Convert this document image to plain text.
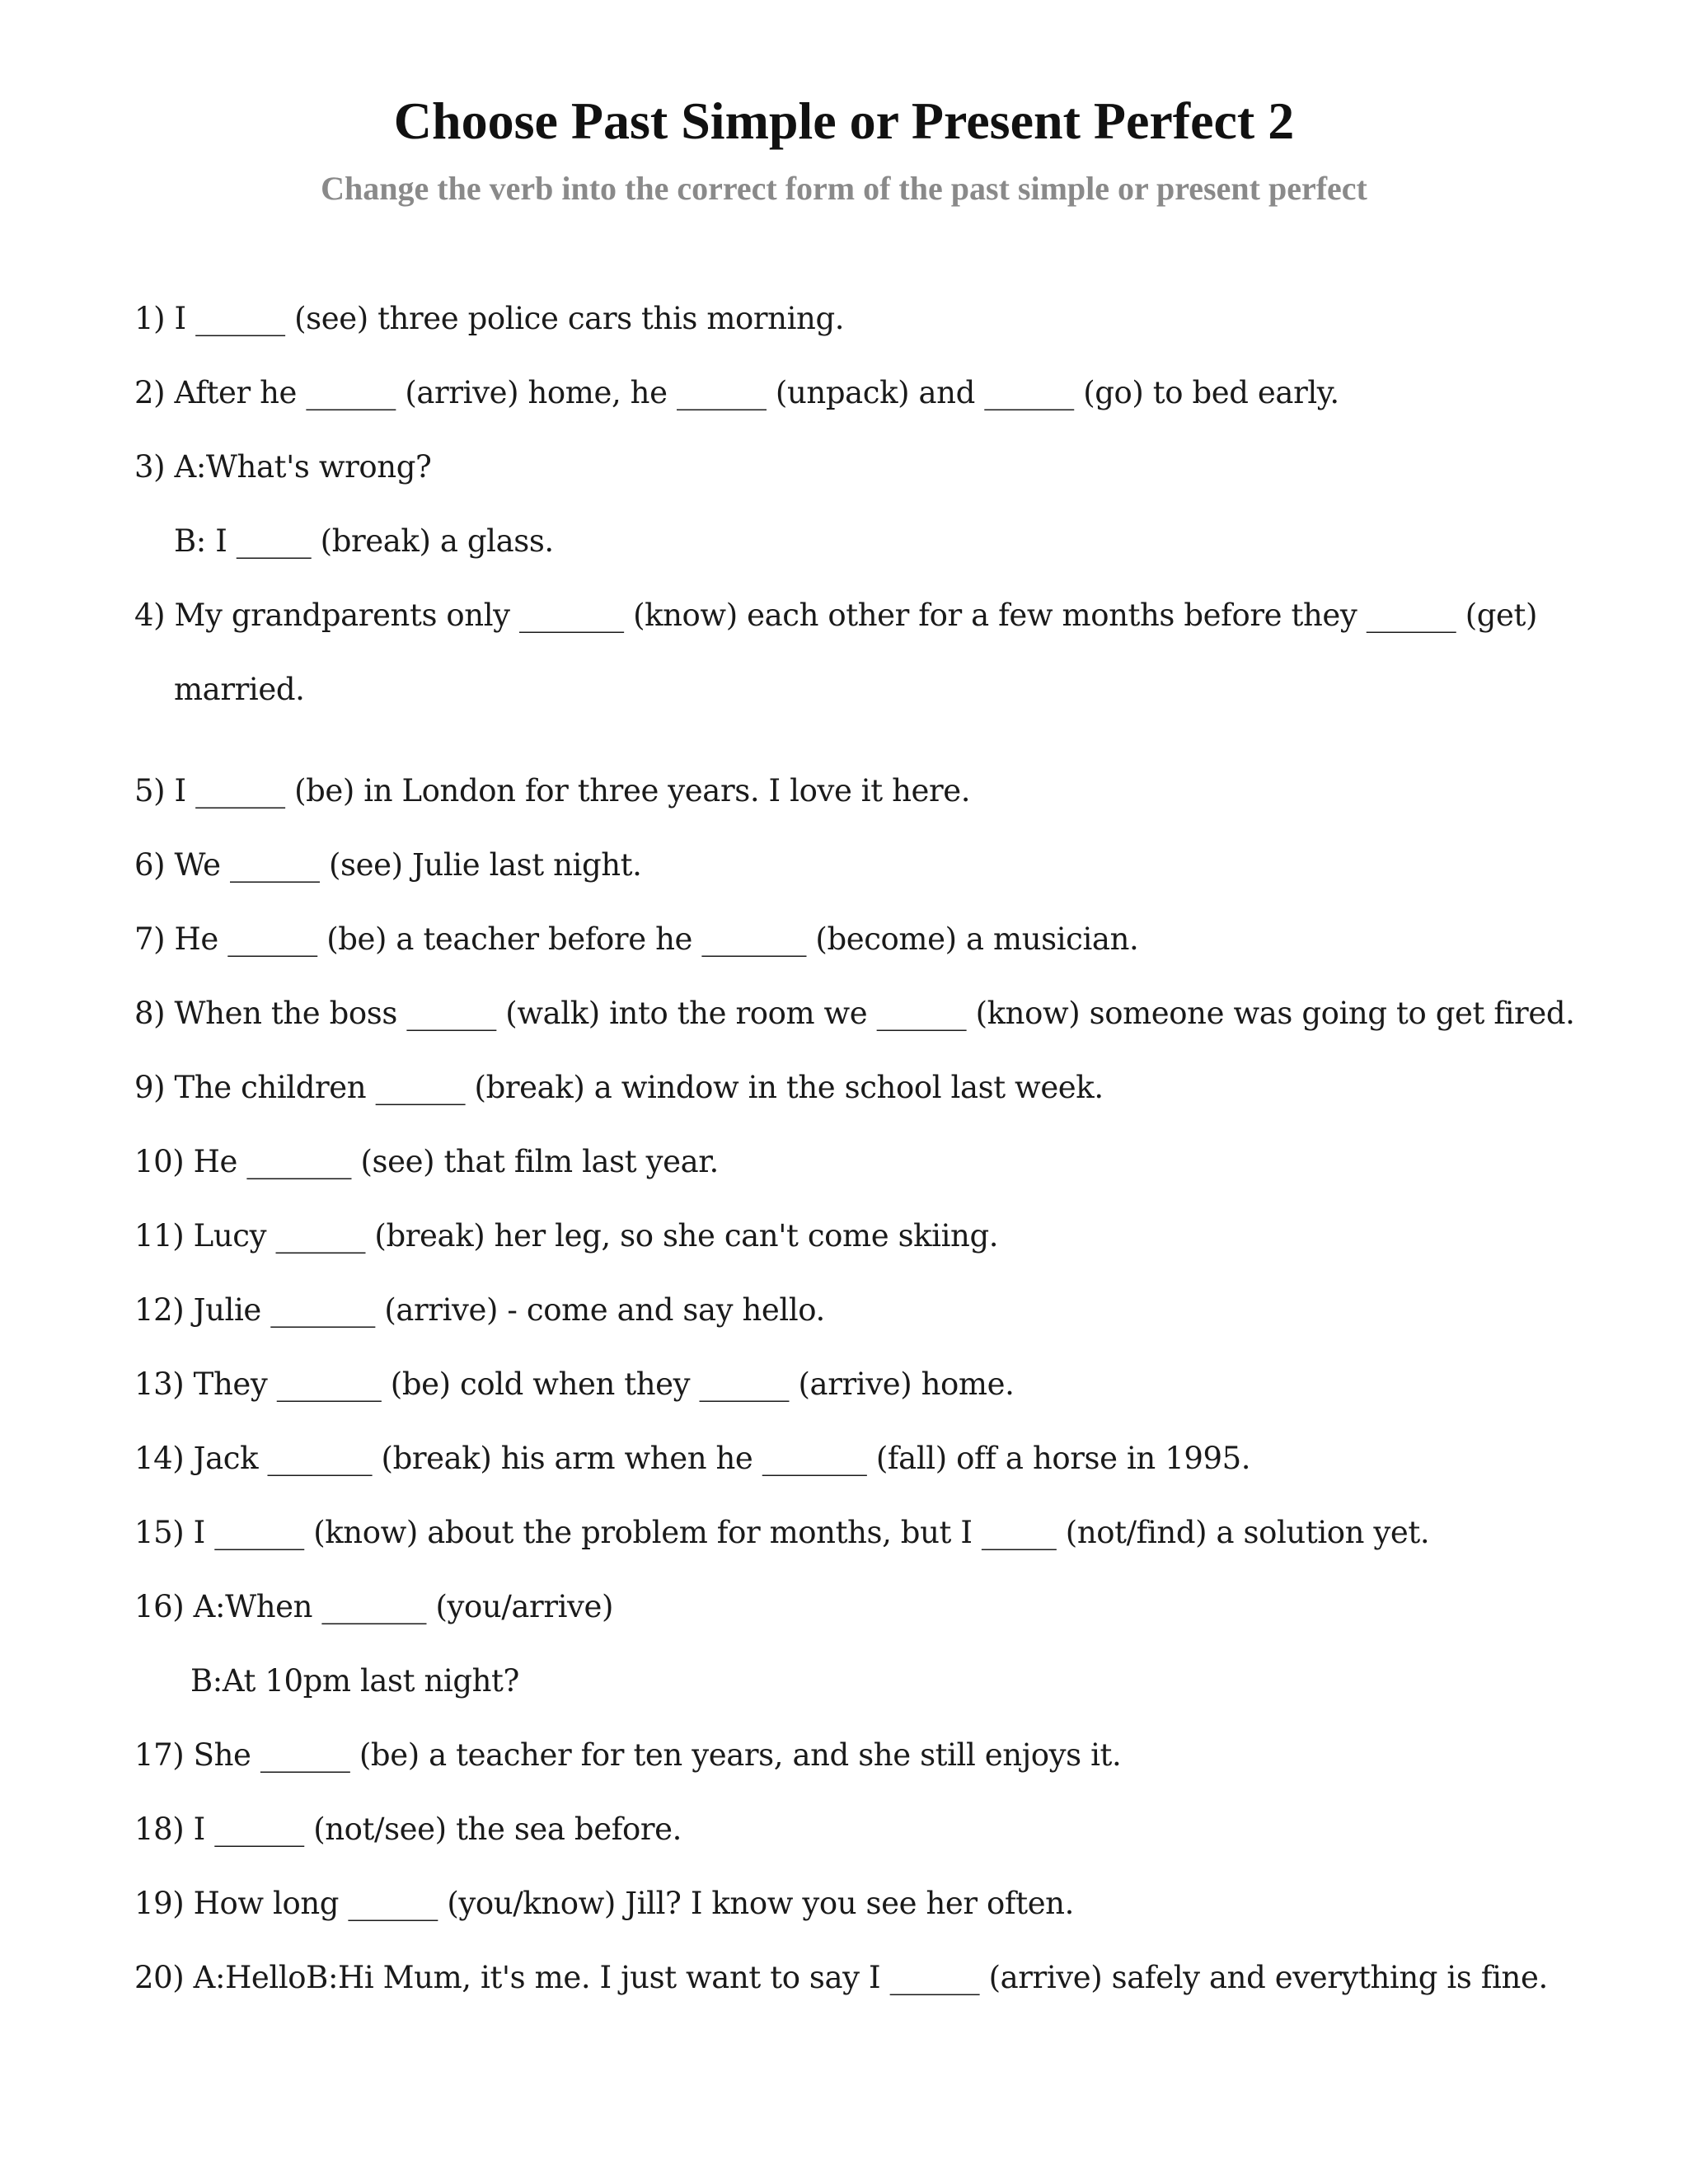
Choose Past Simple or Present Perfect 2
Change the verb into the correct form of the past simple or present perfect
1) I ______ (see) three police cars this morning.
2) After he ______ (arrive) home, he ______ (unpack) and ______ (go) to bed early.
3) A:What's wrong?
B: I _____ (break) a glass.
4) My grandparents only _______ (know) each other for a few months before they ______ (get)
married.
5) I ______ (be) in London for three years. I love it here.
6) We ______ (see) Julie last night.
7) He ______ (be) a teacher before he _______ (become) a musician.
8) When the boss ______ (walk) into the room we ______ (know) someone was going to get fired.
9) The children ______ (break) a window in the school last week.
10) He _______ (see) that film last year.
11) Lucy ______ (break) her leg, so she can't come skiing.
12) Julie _______ (arrive) - come and say hello.
13) They _______ (be) cold when they ______ (arrive) home.
14) Jack _______ (break) his arm when he _______ (fall) off a horse in 1995.
15) I ______ (know) about the problem for months, but I _____ (not/find) a solution yet.
16) A:When _______ (you/arrive)
B:At 10pm last night?
17) She ______ (be) a teacher for ten years, and she still enjoys it.
18) I ______ (not/see) the sea before.
19) How long ______ (you/know) Jill? I know you see her often.
20) A:HelloB:Hi Mum, it's me. I just want to say I ______ (arrive) safely and everything is fine.
